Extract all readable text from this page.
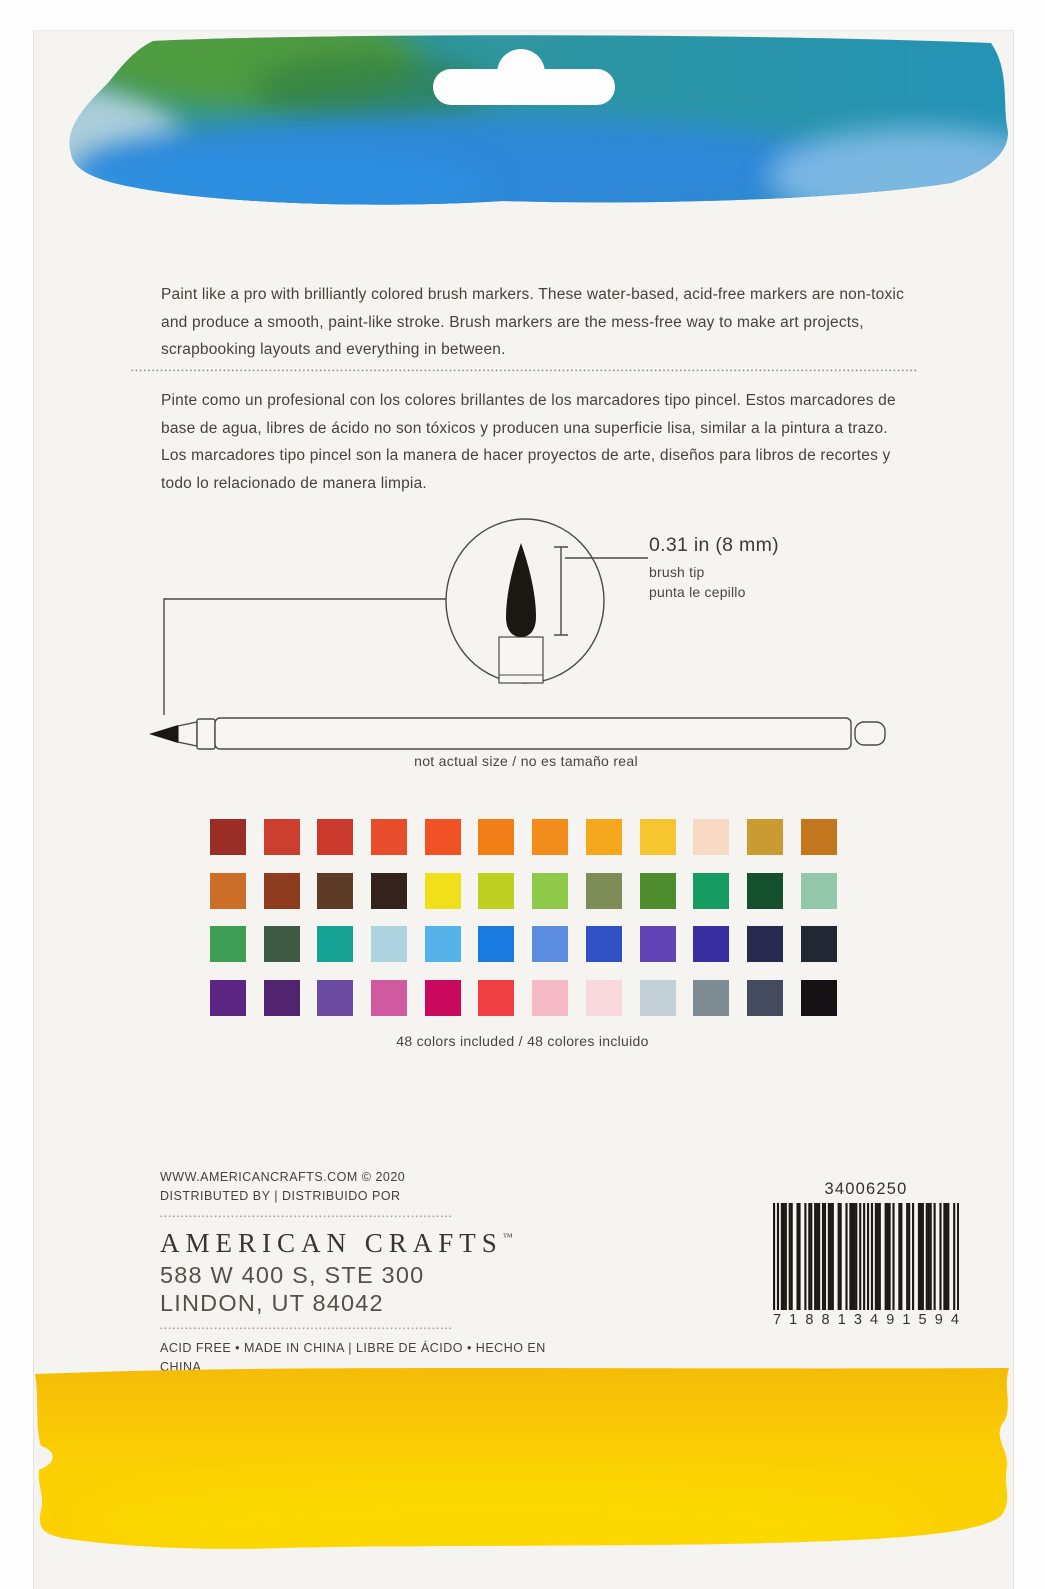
Paint like a pro with brilliantly colored brush markers. These water-based, acid-free markers are non-toxic and produce a smooth, paint-like stroke. Brush markers are the mess-free way to make art projects, scrapbooking layouts and everything in between.
Pinte como un profesional con los colores brillantes de los marcadores tipo pincel. Estos marcadores de base de agua, libres de ácido no son tóxicos y producen una superficie lisa, similar a la pintura a trazo. Los marcadores tipo pincel son la manera de hacer proyectos de arte, diseños para libros de recortes y todo lo relacionado de manera limpia.
0.31 in (8 mm)
brush tip
punta le cepillo
not actual size / no es tamaño real
48 colors included / 48 colores incluido
WWW.AMERICANCRAFTS.COM © 2020
DISTRIBUTED BY | DISTRIBUIDO POR
AMERICAN CRAFTS™
588 W 400 S, STE 300
LINDON, UT 84042
ACID FREE • MADE IN CHINA | LIBRE DE ÁCIDO • HECHO EN CHINA
34006250
7 1 8 8 1 3 4 9 1 5 9 4
